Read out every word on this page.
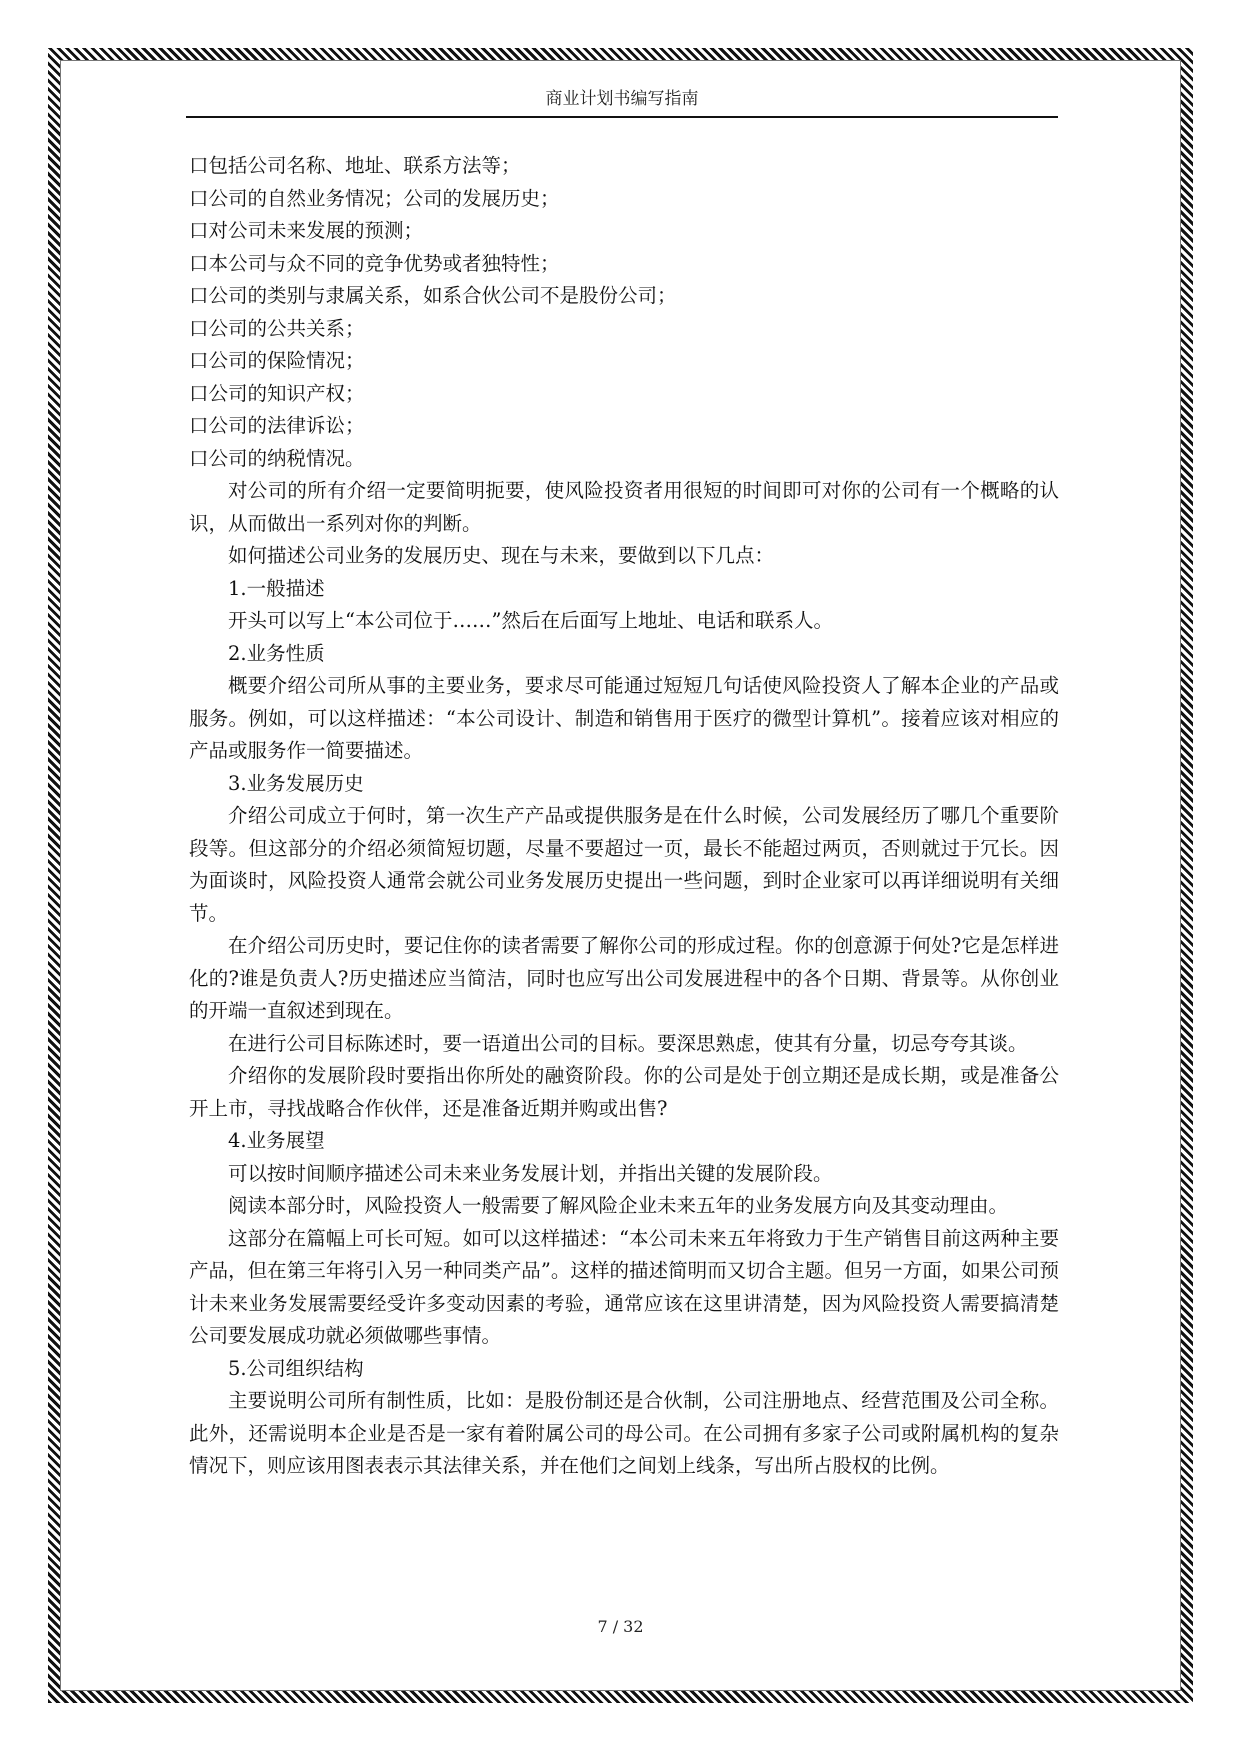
商业计划书编写指南

口包括公司名称、地址、联系方法等；

口公司的自然业务情况；公司的发展历史；

口对公司未来发展的预测；

口本公司与众不同的竞争优势或者独特性；

口公司的类别与隶属关系，如系合伙公司不是股份公司；

口公司的公共关系；

口公司的保险情况；

口公司的知识产权；

口公司的法律诉讼；

口公司的纳税情况。

对公司的所有介绍一定要简明扼要，使风险投资者用很短的时间即可对你的公司有一个概略的认识，从而做出一系列对你的判断。

如何描述公司业务的发展历史、现在与未来，要做到以下几点：

1.一般描述

开头可以写上“本公司位于……”然后在后面写上地址、电话和联系人。

2.业务性质

概要介绍公司所从事的主要业务，要求尽可能通过短短几句话使风险投资人了解本企业的产品或服务。例如，可以这样描述：“本公司设计、制造和销售用于医疗的微型计算机”。接着应该对相应的产品或服务作一简要描述。

3.业务发展历史

介绍公司成立于何时，第一次生产产品或提供服务是在什么时候，公司发展经历了哪几个重要阶段等。但这部分的介绍必须简短切题，尽量不要超过一页，最长不能超过两页，否则就过于冗长。因为面谈时，风险投资人通常会就公司业务发展历史提出一些问题，到时企业家可以再详细说明有关细节。

在介绍公司历史时，要记住你的读者需要了解你公司的形成过程。你的创意源于何处?它是怎样进化的?谁是负责人?历史描述应当简洁，同时也应写出公司发展进程中的各个日期、背景等。从你创业的开端一直叙述到现在。

在进行公司目标陈述时，要一语道出公司的目标。要深思熟虑，使其有分量，切忌夸夸其谈。

介绍你的发展阶段时要指出你所处的融资阶段。你的公司是处于创立期还是成长期，或是准备公开上市，寻找战略合作伙伴，还是准备近期并购或出售?

4.业务展望

可以按时间顺序描述公司未来业务发展计划，并指出关键的发展阶段。

阅读本部分时，风险投资人一般需要了解风险企业未来五年的业务发展方向及其变动理由。

这部分在篇幅上可长可短。如可以这样描述：“本公司未来五年将致力于生产销售目前这两种主要产品，但在第三年将引入另一种同类产品”。这样的描述简明而又切合主题。但另一方面，如果公司预计未来业务发展需要经受许多变动因素的考验，通常应该在这里讲清楚，因为风险投资人需要搞清楚公司要发展成功就必须做哪些事情。

5.公司组织结构

主要说明公司所有制性质，比如：是股份制还是合伙制，公司注册地点、经营范围及公司全称。此外，还需说明本企业是否是一家有着附属公司的母公司。在公司拥有多家子公司或附属机构的复杂情况下，则应该用图表表示其法律关系，并在他们之间划上线条，写出所占股权的比例。

7 / 32
